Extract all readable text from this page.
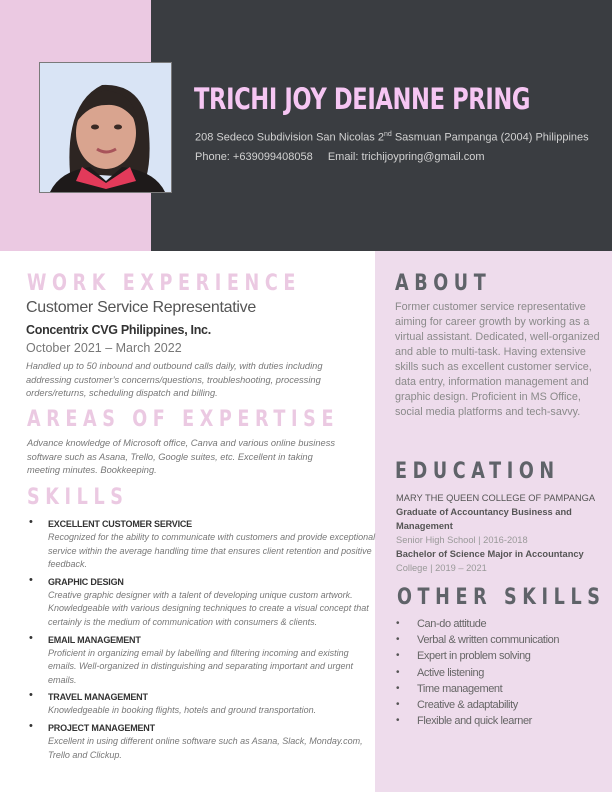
TRICHI JOY DEIANNE PRING
208 Sedeco Subdivision San Nicolas 2nd Sasmuan Pampanga (2004) Philippines
Phone: +639099408058 Email: trichijoypring@gmail.com
WORK EXPERIENCE
Customer Service Representative
Concentrix CVG Philippines, Inc.
October 2021 – March 2022
Handled up to 50 inbound and outbound calls daily, with duties including addressing customer’s concerns/questions, troubleshooting, processing orders/returns, scheduling dispatch and billing.
AREAS OF EXPERTISE
Advance knowledge of Microsoft office, Canva and various online business software such as Asana, Trello, Google suites, etc. Excellent in taking meeting minutes. Bookkeeping.
SKILLS
• EXCELLENT CUSTOMER SERVICE
Recognized for the ability to communicate with customers and provide exceptional service within the average handling time that ensures client retention and positive feedback.
• GRAPHIC DESIGN
Creative graphic designer with a talent of developing unique custom artwork. Knowledgeable with various designing techniques to create a visual concept that certainly is the medium of communication with consumers & clients.
• EMAIL MANAGEMENT
Proficient in organizing email by labelling and filtering incoming and existing emails. Well-organized in distinguishing and separating important and urgent emails.
• TRAVEL MANAGEMENT
Knowledgeable in booking flights, hotels and ground transportation.
• PROJECT MANAGEMENT
Excellent in using different online software such as Asana, Slack, Monday.com, Trello and Clickup.
ABOUT
Former customer service representative aiming for career growth by working as a virtual assistant. Dedicated, well-organized and able to multi-task. Having extensive skills such as excellent customer service, data entry, information management and graphic design. Proficient in MS Office, social media platforms and tech-savvy.
EDUCATION
MARY THE QUEEN COLLEGE OF PAMPANGA
Graduate of Accountancy Business and Management
Senior High School | 2016-2018
Bachelor of Science Major in Accountancy
College | 2019 – 2021
OTHER SKILLS
• Can-do attitude
• Verbal & written communication
• Expert in problem solving
• Active listening
• Time management
• Creative & adaptability
• Flexible and quick learner
